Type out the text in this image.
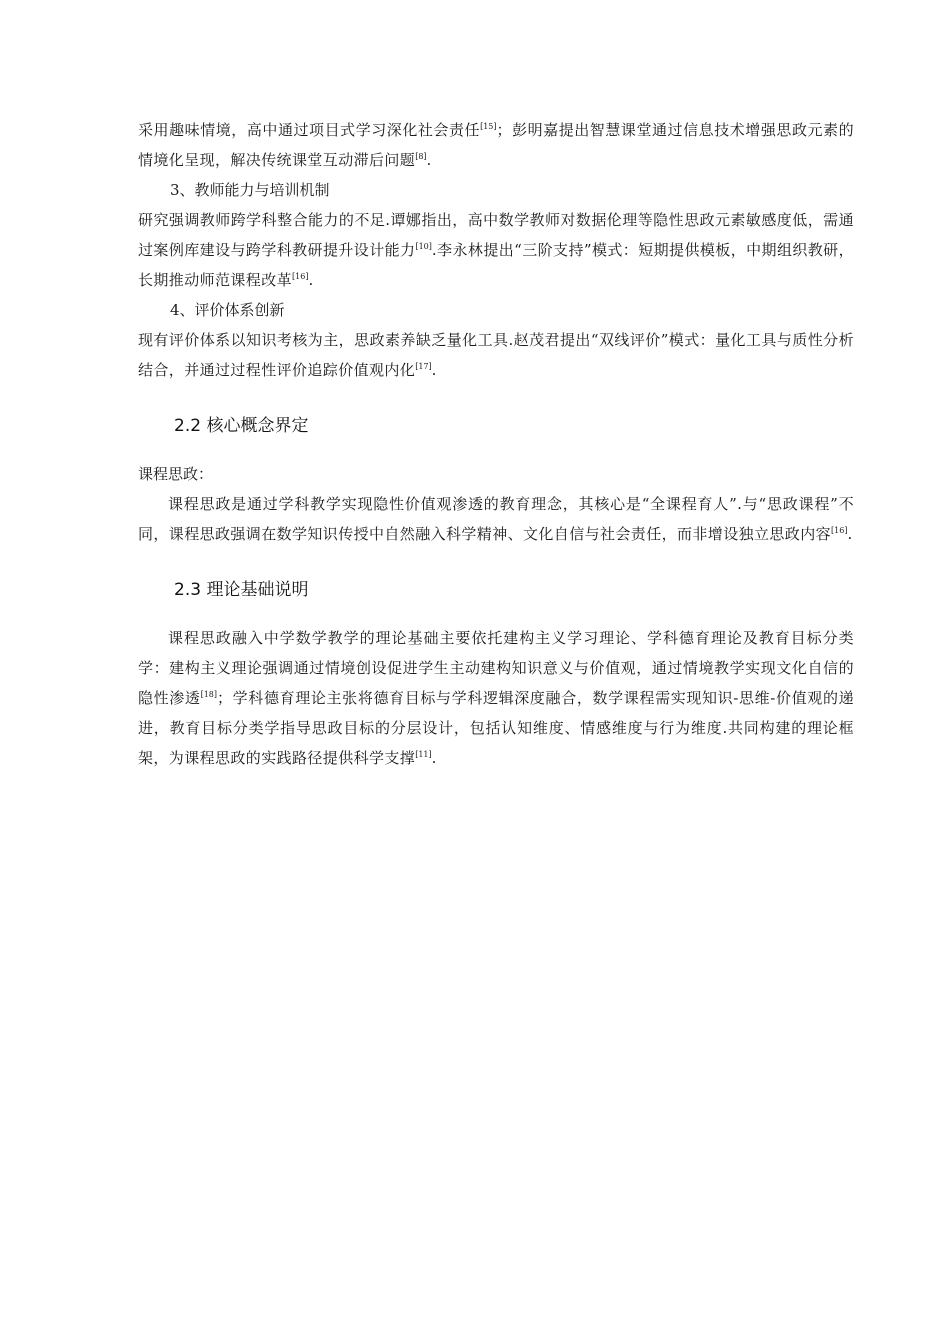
采用趣味情境，高中通过项目式学习深化社会责任[15]；彭明嘉提出智慧课堂通过信息技术增强思政元素的情境化呈现，解决传统课堂互动滞后问题[8].

3、教师能力与培训机制

研究强调教师跨学科整合能力的不足.谭娜指出，高中数学教师对数据伦理等隐性思政元素敏感度低，需通过案例库建设与跨学科教研提升设计能力[10].李永林提出“三阶支持”模式：短期提供模板，中期组织教研，长期推动师范课程改革[16].

4、评价体系创新

现有评价体系以知识考核为主，思政素养缺乏量化工具.赵茂君提出“双线评价”模式：量化工具与质性分析结合，并通过过程性评价追踪价值观内化[17].

2.2 核心概念界定

课程思政：

课程思政是通过学科教学实现隐性价值观渗透的教育理念，其核心是“全课程育人”.与“思政课程”不同，课程思政强调在数学知识传授中自然融入科学精神、文化自信与社会责任，而非增设独立思政内容[16].

2.3 理论基础说明

课程思政融入中学数学教学的理论基础主要依托建构主义学习理论、学科德育理论及教育目标分类学：建构主义理论强调通过情境创设促进学生主动建构知识意义与价值观，通过情境教学实现文化自信的隐性渗透[18]；学科德育理论主张将德育目标与学科逻辑深度融合，数学课程需实现知识-思维-价值观的递进，教育目标分类学指导思政目标的分层设计，包括认知维度、情感维度与行为维度.共同构建的理论框架，为课程思政的实践路径提供科学支撑[11].
